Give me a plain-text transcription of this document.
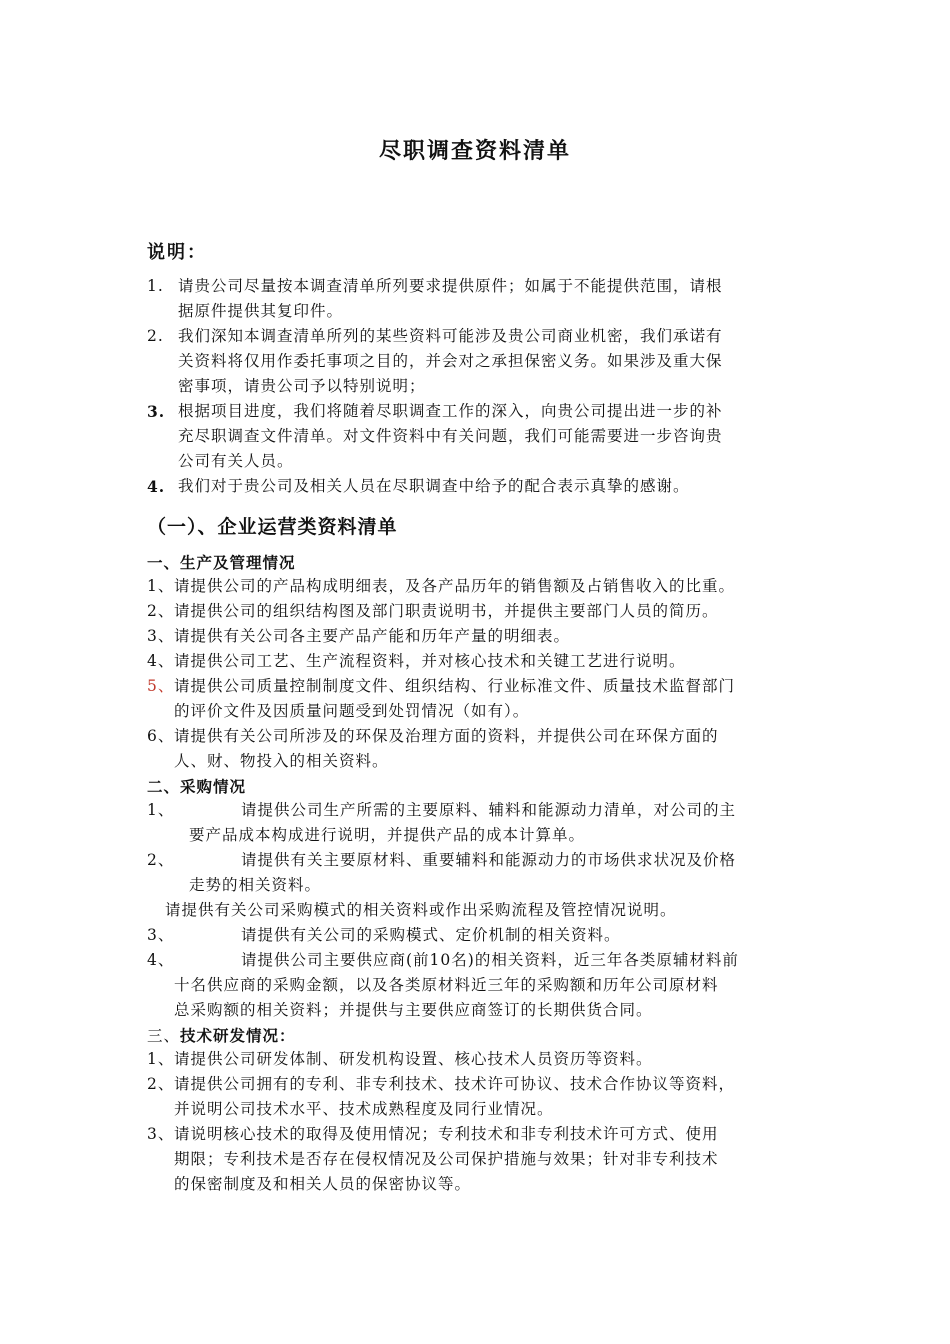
尽职调查资料清单
说明：
1. 请贵公司尽量按本调查清单所列要求提供原件；如属于不能提供范围，请根
据原件提供其复印件。
2. 我们深知本调查清单所列的某些资料可能涉及贵公司商业机密，我们承诺有
关资料将仅用作委托事项之目的，并会对之承担保密义务。如果涉及重大保
密事项，请贵公司予以特别说明；
3. 根据项目进度，我们将随着尽职调查工作的深入，向贵公司提出进一步的补
充尽职调查文件清单。对文件资料中有关问题，我们可能需要进一步咨询贵
公司有关人员。
4. 我们对于贵公司及相关人员在尽职调查中给予的配合表示真挚的感谢。
（一）、企业运营类资料清单
一、生产及管理情况
1、 请提供公司的产品构成明细表，及各产品历年的销售额及占销售收入的比重。
2、 请提供公司的组织结构图及部门职责说明书，并提供主要部门人员的简历。
3、 请提供有关公司各主要产品产能和历年产量的明细表。
4、 请提供公司工艺、生产流程资料，并对核心技术和关键工艺进行说明。
5、 请提供公司质量控制制度文件、组织结构、行业标准文件、质量技术监督部门
的评价文件及因质量问题受到处罚情况（如有）。
6、 请提供有关公司所涉及的环保及治理方面的资料，并提供公司在环保方面的
人、财、物投入的相关资料。
二、采购情况
1、	请提供公司生产所需的主要原料、辅料和能源动力清单，对公司的主
要产品成本构成进行说明，并提供产品的成本计算单。
2、	请提供有关主要原材料、重要辅料和能源动力的市场供求状况及价格
走势的相关资料。
请提供有关公司采购模式的相关资料或作出采购流程及管控情况说明。
3、	请提供有关公司的采购模式、定价机制的相关资料。
4、	请提供公司主要供应商(前10名)的相关资料，近三年各类原辅材料前
十名供应商的采购金额，以及各类原材料近三年的采购额和历年公司原材料
总采购额的相关资料；并提供与主要供应商签订的长期供货合同。
三、技术研发情况：
1、 请提供公司研发体制、研发机构设置、核心技术人员资历等资料。
2、 请提供公司拥有的专利、非专利技术、技术许可协议、技术合作协议等资料，
并说明公司技术水平、技术成熟程度及同行业情况。
3、 请说明核心技术的取得及使用情况；专利技术和非专利技术许可方式、使用
期限；专利技术是否存在侵权情况及公司保护措施与效果；针对非专利技术
的保密制度及和相关人员的保密协议等。
